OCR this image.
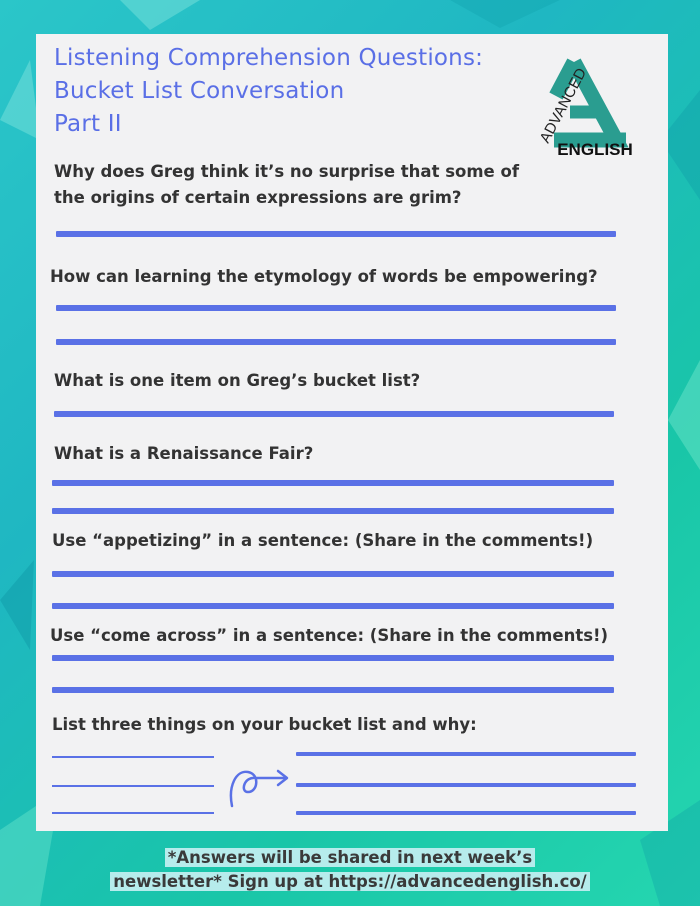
Listening Comprehension Questions:
Bucket List Conversation
Part II	ADVANCED
ENGLISH

Why does Greg think it’s no surprise that some of
the origins of certain expressions are grim?

How can learning the etymology of words be empowering?

What is one item on Greg’s bucket list?

What is a Renaissance Fair?

Use “appetizing” in a sentence: (Share in the comments!)

Use “come across” in a sentence: (Share in the comments!)

List three things on your bucket list and why:

*Answers will be shared in next week’s
newsletter* Sign up at https://advancedenglish.co/
